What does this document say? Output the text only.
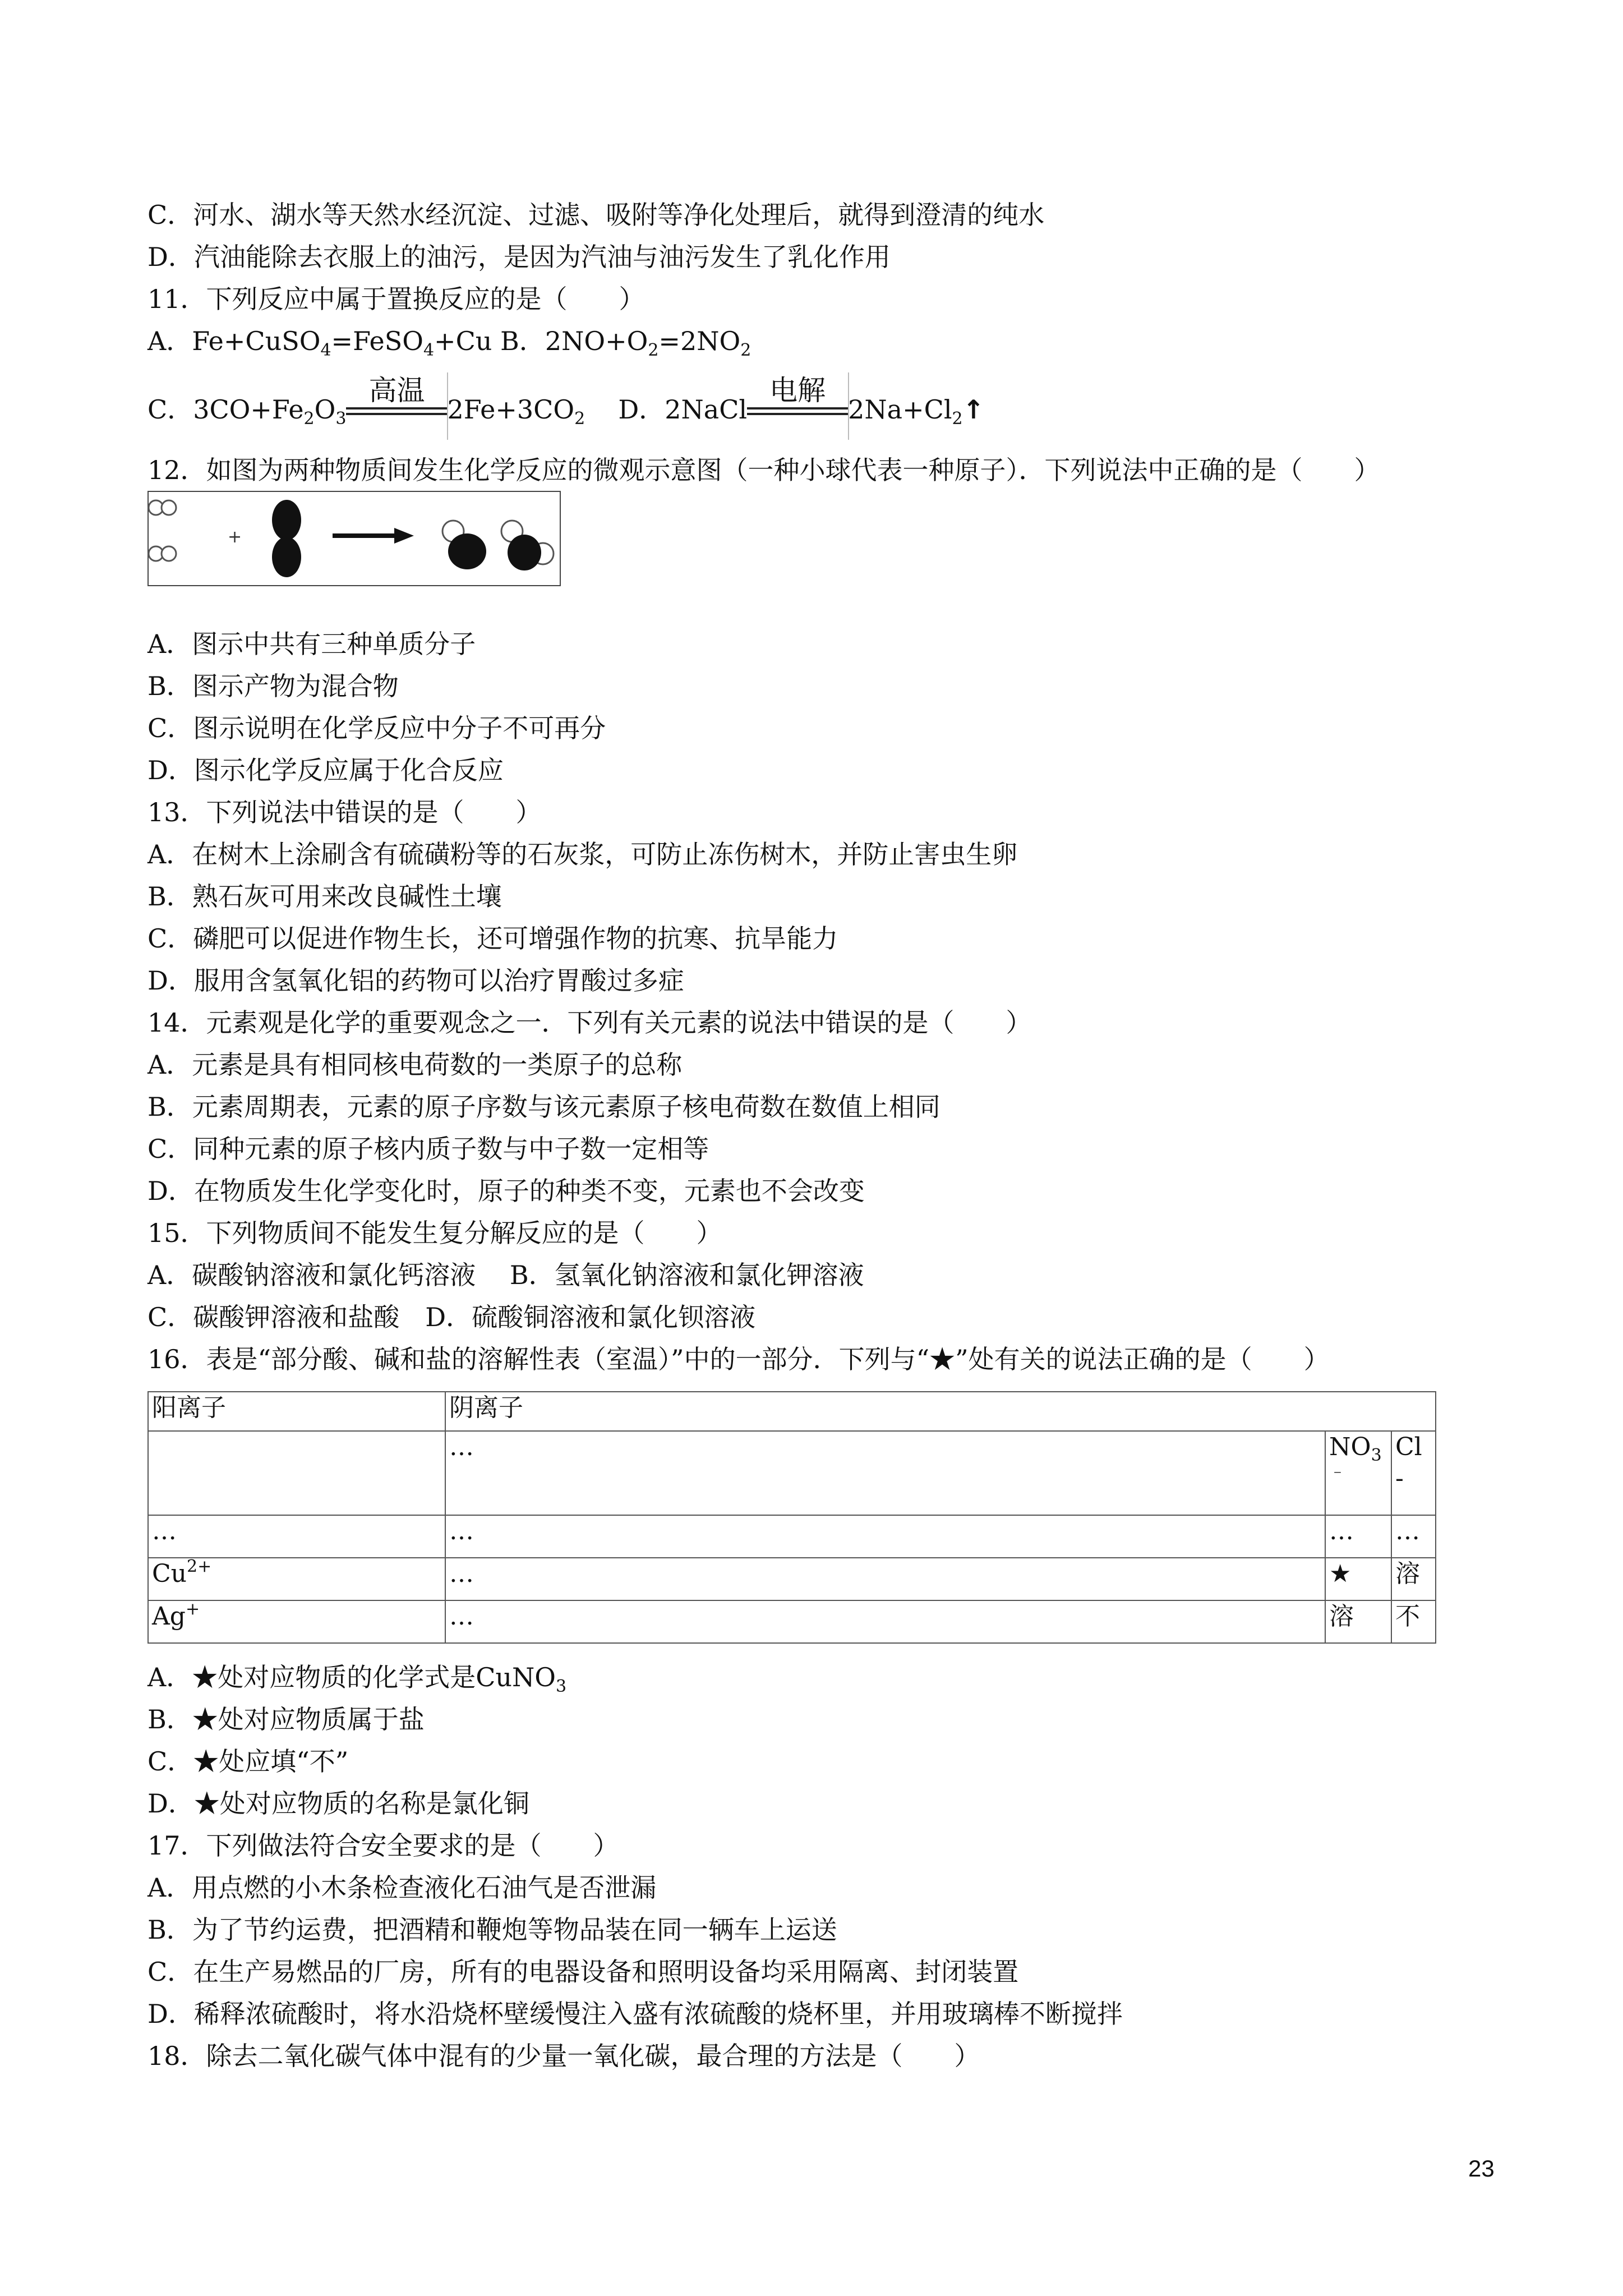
C．河水、湖水等天然水经沉淀、过滤、吸附等净化处理后，就得到澄清的纯水
D．汽油能除去衣服上的油污，是因为汽油与油污发生了乳化作用
11．下列反应中属于置换反应的是（　　）
A．Fe+CuSO$_4$=FeSO$_4$+Cu B．$2NO+O_2=2NO_2$
C．$3CO+Fe_2O_3$
高温
$2Fe+3CO_2$ D．2NaCl
电解
$2Na+Cl_2↑$
12．如图为两种物质间发生化学反应的微观示意图（一种小球代表一种原子）．下列说法中正确的是（　　）
+
A．图示中共有三种单质分子
B．图示产物为混合物
C．图示说明在化学反应中分子不可再分
D．图示化学反应属于化合反应
13．下列说法中错误的是（　　）
A．在树木上涂刷含有硫磺粉等的石灰浆，可防止冻伤树木，并防止害虫生卵
B．熟石灰可用来改良碱性土壤
C．磷肥可以促进作物生长，还可增强作物的抗寒、抗旱能力
D．服用含氢氧化铝的药物可以治疗胃酸过多症
14．元素观是化学的重要观念之一．下列有关元素的说法中错误的是（　　）
A．元素是具有相同核电荷数的一类原子的总称
B．元素周期表，元素的原子序数与该元素原子核电荷数在数值上相同
C．同种元素的原子核内质子数与中子数一定相等
D．在物质发生化学变化时，原子的种类不变，元素也不会改变
15．下列物质间不能发生复分解反应的是（　　）
A．碳酸钠溶液和氯化钙溶液　 B．氢氧化钠溶液和氯化钾溶液
C．碳酸钾溶液和盐酸　D．硫酸铜溶液和氯化钡溶液
16．表是“部分酸、碱和盐的溶解性表（室温）”中的一部分．下列与“★”处有关的说法正确的是（　　）
阳离子	阴离子		
	…	$NO_3^﹣$	Cl
-
…	…	…	…
$Cu^{2+}$	…	★	溶
Ag+	…	溶	不
A．★处对应物质的化学式是CuNO$_3$
B．★处对应物质属于盐
C．★处应填“不”
D．★处对应物质的名称是氯化铜
17．下列做法符合安全要求的是（　　）
A．用点燃的小木条检查液化石油气是否泄漏
B．为了节约运费，把酒精和鞭炮等物品装在同一辆车上运送
C．在生产易燃品的厂房，所有的电器设备和照明设备均采用隔离、封闭装置
D．稀释浓硫酸时，将水沿烧杯壁缓慢注入盛有浓硫酸的烧杯里，并用玻璃棒不断搅拌
18．除去二氧化碳气体中混有的少量一氧化碳，最合理的方法是（　　）
23
